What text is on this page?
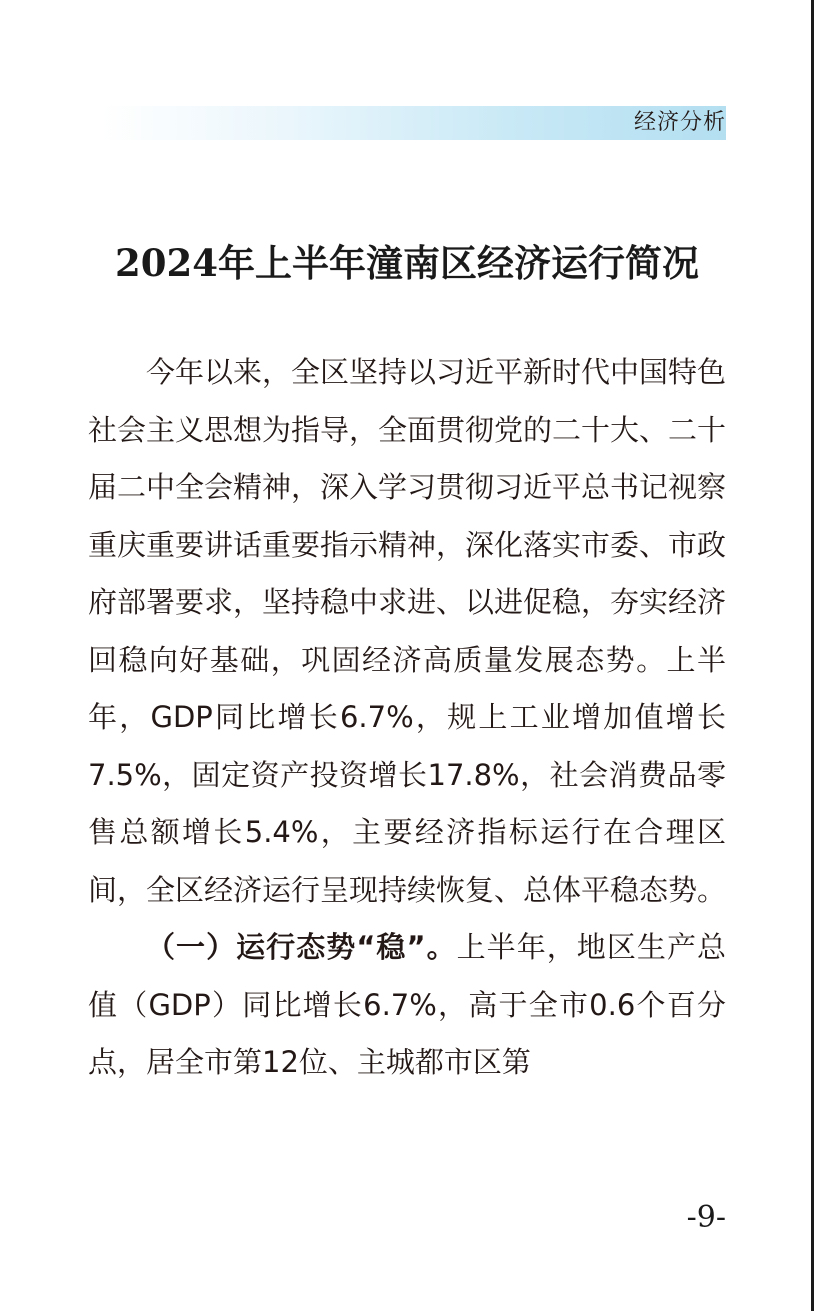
经济分析
2024年上半年潼南区经济运行简况

今年以来，全区坚持以习近平新时代中国特色社会主义思想为指导，全面贯彻党的二十大、二十届二中全会精神，深入学习贯彻习近平总书记视察重庆重要讲话重要指示精神，深化落实市委、市政府部署要求，坚持稳中求进、以进促稳，夯实经济回稳向好基础，巩固经济高质量发展态势。上半年，GDP同比增长6.7%，规上工业增加值增长7.5%，固定资产投资增长17.8%，社会消费品零售总额增长5.4%，主要经济指标运行在合理区间，全区经济运行呈现持续恢复、总体平稳态势。

（一）运行态势“稳”。上半年，地区生产总值（GDP）同比增长6.7%，高于全市0.6个百分点，居全市第12位、主城都市区第

-9-
